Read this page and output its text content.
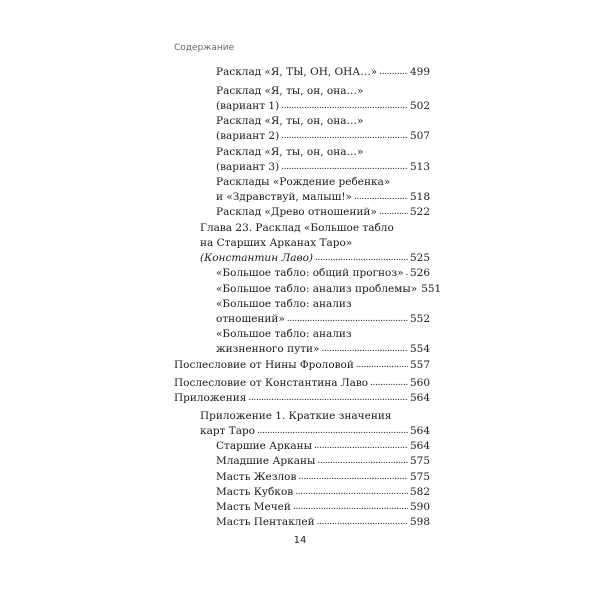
Содержание
Расклад «Я, ТЫ, ОН, ОНА…» . . .	499
Расклад «Я, ты, он, она…»
(вариант 1) . . .	502
Расклад «Я, ты, он, она…»
(вариант 2) . . .	507
Расклад «Я, ты, он, она…»
(вариант 3) . . .	513
Расклады «Рождение ребенка»
и «Здравствуй, малыш!» . . .	518
Расклад «Древо отношений» . . .	522
Глава 23. Расклад «Большое табло
на Старших Арканах Таро»
(Константин Лаво) . . .	525
«Большое табло: общий прогноз» . . . 526
«Большое табло: анализ проблемы» 551
«Большое табло: анализ
отношений» . . .	552
«Большое табло: анализ
жизненного пути» . . .	554
Послесловие от Нины Фроловой . . .	557
Послесловие от Константина Лаво . . .	560
Приложения . . .	564
Приложение 1. Краткие значения
карт Таро . . .	564
Старшие Арканы . . .	564
Младшие Арканы . . .	575
Масть Жезлов . . .	575
Масть Кубков . . .	582
Масть Мечей . . .	590
Масть Пентаклей . . .	598
14
